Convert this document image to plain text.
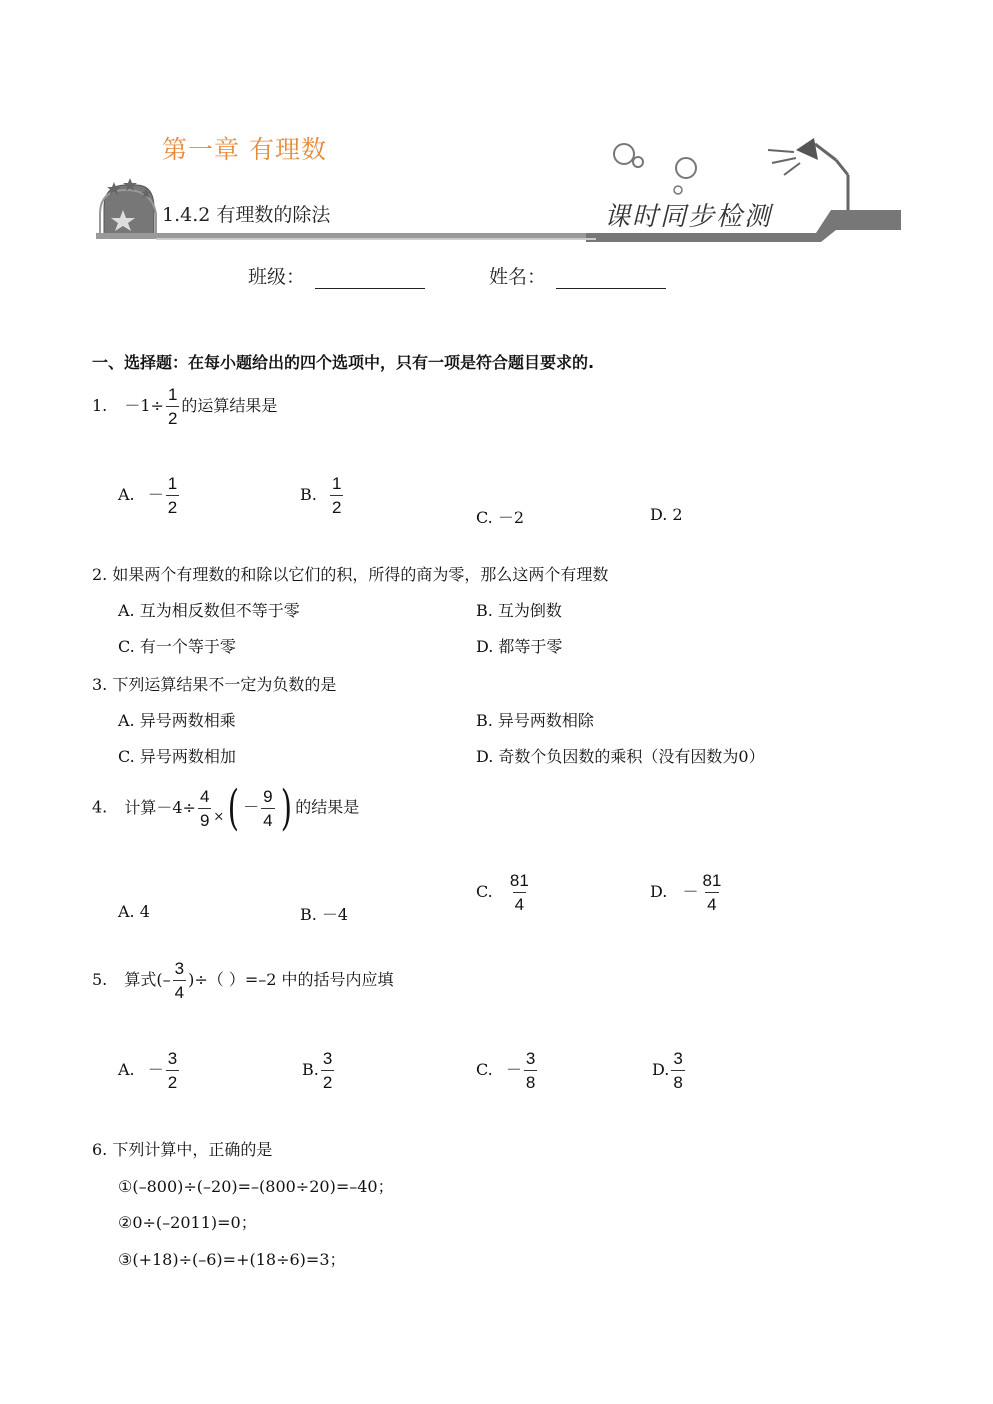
第一章 有理数
1.4.2 有理数的除法	课时同步检测
班级：	姓名：
一、选择题：在每小题给出的四个选项中，只有一项是符合题目要求的.
1. $-1\div \frac{1}{2}$ 的运算结果是
A. － $\frac{1}{2}$	B. $\frac{1}{2}$
C. －2	D. 2
2. 如果两个有理数的和除以它们的积，所得的商为零，那么这两个有理数
A. 互为相反数但不等于零	B. 互为倒数
C. 有一个等于零	D. 都等于零
3. 下列运算结果不一定为负数的是
A. 异号两数相乘	B. 异号两数相除
C. 异号两数相加	D. 奇数个负因数的乘积（没有因数为0）
4. 计算$-4\div \frac{4}{9} _\times( - \frac{9}{4}$ ) 的结果是
A. 4	B. －4
C. $\frac{81}{4}$	D. － $\frac{81}{4}$
5. 算式(– $\frac{3}{4}$ )÷（ ）=–2 中的括号内应填
A. － $\frac{3}{2}$	B. $\frac{3}{2}$	C. － $\frac{3}{8}$	D. $\frac{3}{8}$
6. 下列计算中，正确的是
①(–800)÷(–20)=–(800÷20)=–40；
②0÷(–2011)=0；
③(+18)÷(–6)=+(18÷6)=3；
